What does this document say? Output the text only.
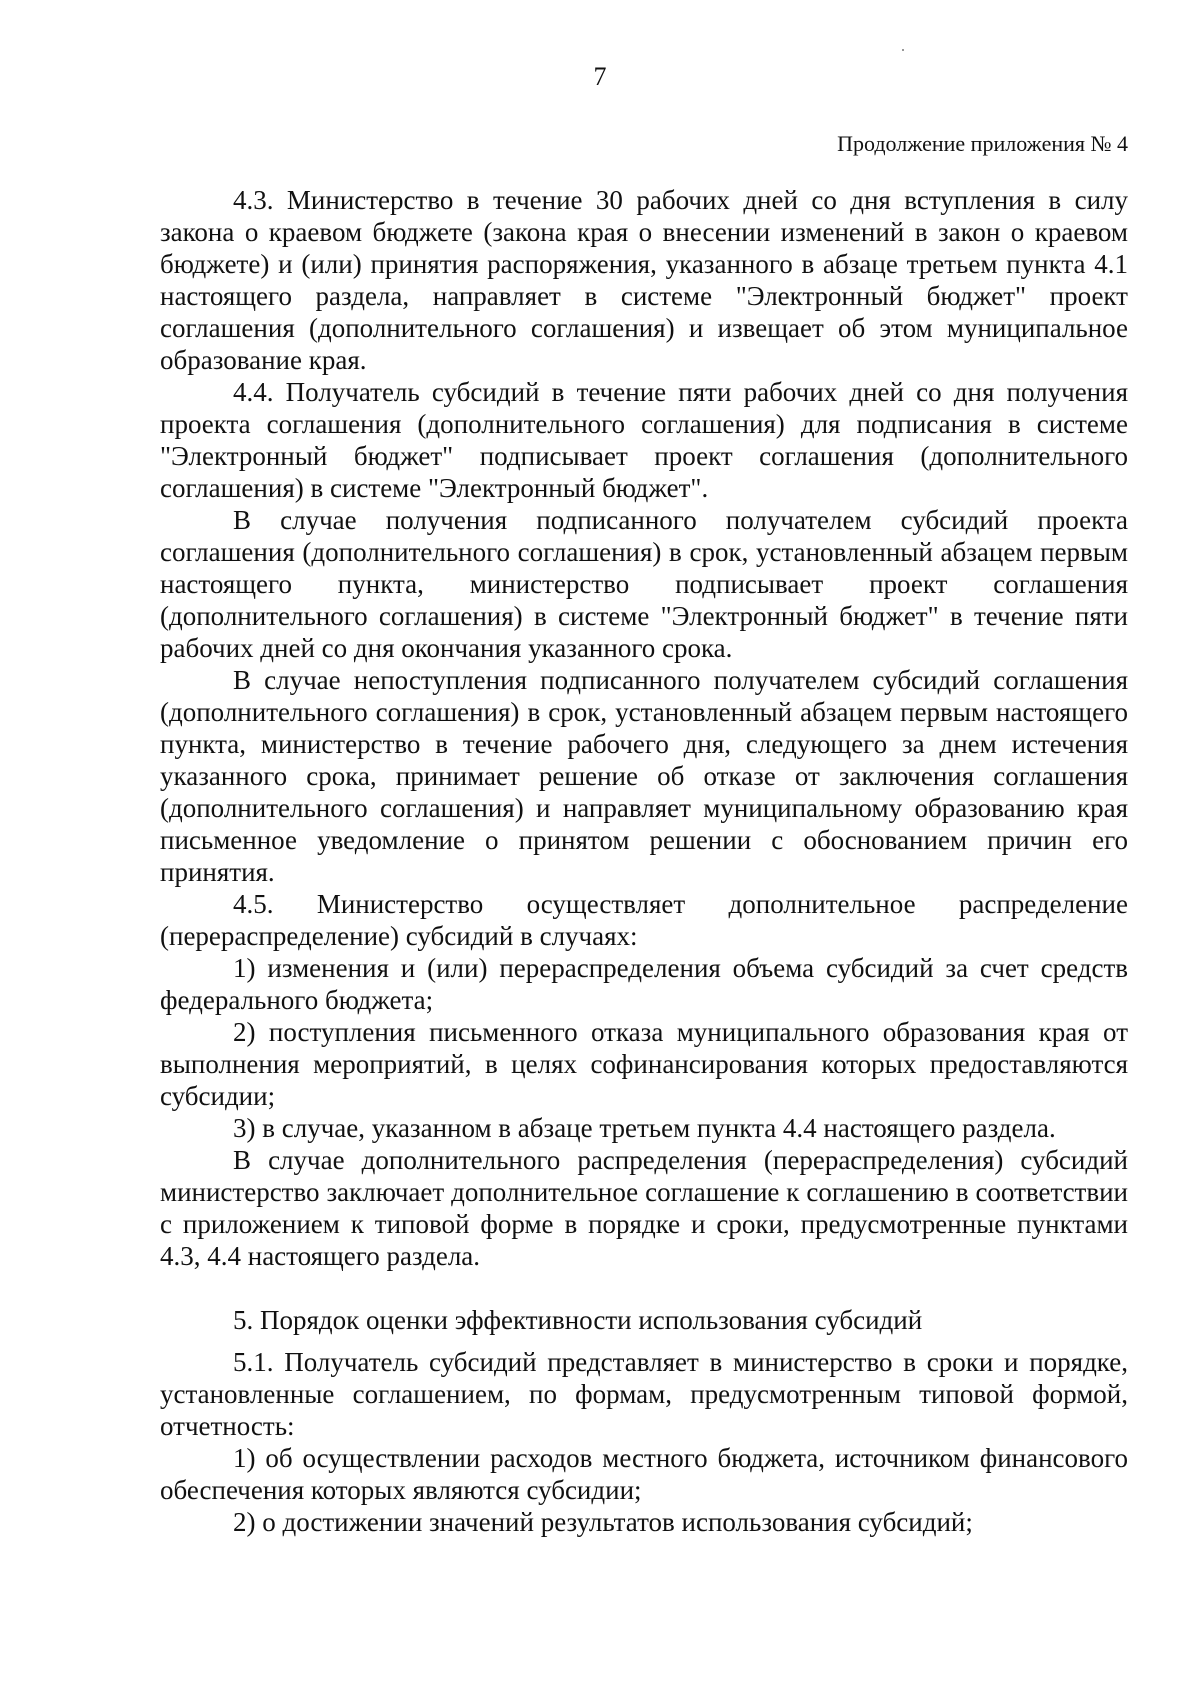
7
Продолжение приложения № 4

4.3. Министерство в течение 30 рабочих дней со дня вступления в силу закона о краевом бюджете (закона края о внесении изменений в закон о краевом бюджете) и (или) принятия распоряжения, указанного в абзаце третьем пункта 4.1 настоящего раздела, направляет в системе "Электронный бюджет" проект соглашения (дополнительного соглашения) и извещает об этом муниципальное образование края.

4.4. Получатель субсидий в течение пяти рабочих дней со дня получения проекта соглашения (дополнительного соглашения) для подписания в системе "Электронный бюджет" подписывает проект соглашения (дополнительного соглашения) в системе "Электронный бюджет".

В случае получения подписанного получателем субсидий проекта соглашения (дополнительного соглашения) в срок, установленный абзацем первым настоящего пункта, министерство подписывает проект соглашения (дополнительного соглашения) в системе "Электронный бюджет" в течение пяти рабочих дней со дня окончания указанного срока.

В случае непоступления подписанного получателем субсидий соглашения (дополнительного соглашения) в срок, установленный абзацем первым настоящего пункта, министерство в течение рабочего дня, следующего за днем истечения указанного срока, принимает решение об отказе от заключения соглашения (дополнительного соглашения) и направляет муниципальному образованию края письменное уведомление о принятом решении с обоснованием причин его принятия.

4.5. Министерство осуществляет дополнительное распределение (перераспределение) субсидий в случаях:

1) изменения и (или) перераспределения объема субсидий за счет средств федерального бюджета;

2) поступления письменного отказа муниципального образования края от выполнения мероприятий, в целях софинансирования которых предоставляются субсидии;

3) в случае, указанном в абзаце третьем пункта 4.4 настоящего раздела.

В случае дополнительного распределения (перераспределения) субсидий министерство заключает дополнительное соглашение к соглашению в соответствии с приложением к типовой форме в порядке и сроки, предусмотренные пунктами 4.3, 4.4 настоящего раздела.

5. Порядок оценки эффективности использования субсидий

5.1. Получатель субсидий представляет в министерство в сроки и порядке, установленные соглашением, по формам, предусмотренным типовой формой, отчетность:

1) об осуществлении расходов местного бюджета, источником финансового обеспечения которых являются субсидии;

2) о достижении значений результатов использования субсидий;
